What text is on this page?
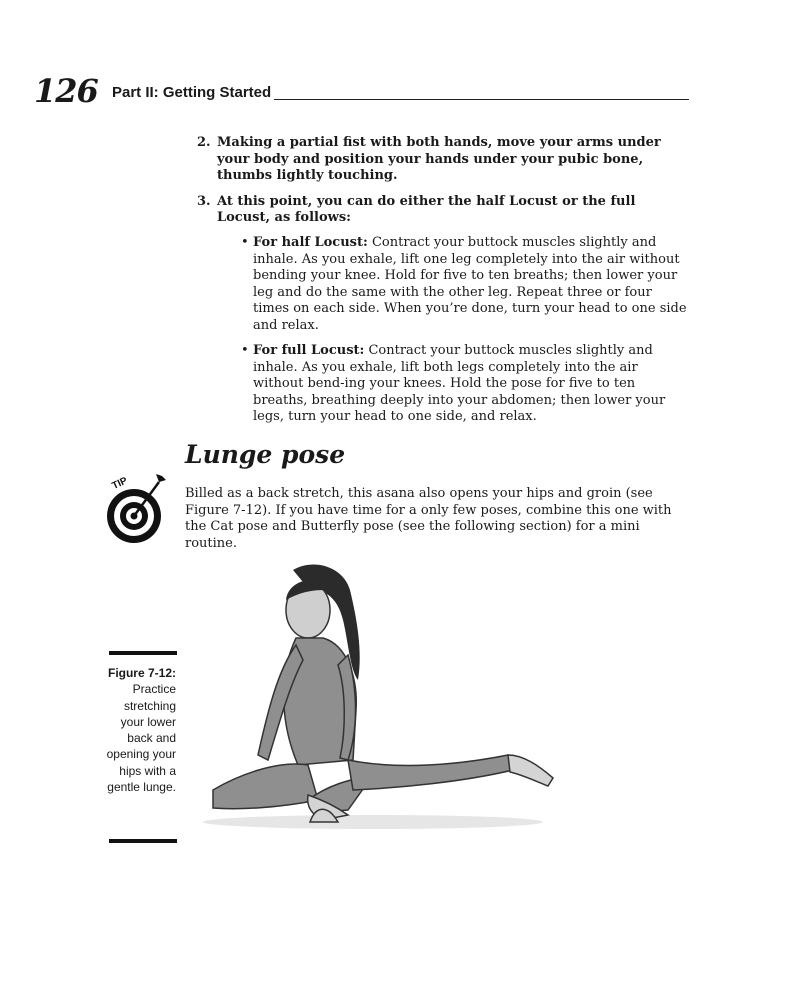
126 Part II: Getting Started
2. Making a partial fist with both hands, move your arms under your body and position your hands under your pubic bone, thumbs lightly touching.
3. At this point, you can do either the half Locust or the full Locust, as follows:
• For half Locust: Contract your buttock muscles slightly and inhale. As you exhale, lift one leg completely into the air without bending your knee. Hold for five to ten breaths; then lower your leg and do the same with the other leg. Repeat three or four times on each side. When you’re done, turn your head to one side and relax.
• For full Locust: Contract your buttock muscles slightly and inhale. As you exhale, lift both legs completely into the air without bend-ing your knees. Hold the pose for five to ten breaths, breathing deeply into your abdomen; then lower your legs, turn your head to one side, and relax.
Lunge pose
TIP
Billed as a back stretch, this asana also opens your hips and groin (see Figure 7-12). If you have time for a only few poses, combine this one with the Cat pose and Butterfly pose (see the following section) for a mini routine.
Figure 7-12:
Practice stretching your lower back and opening your hips with a gentle lunge.
